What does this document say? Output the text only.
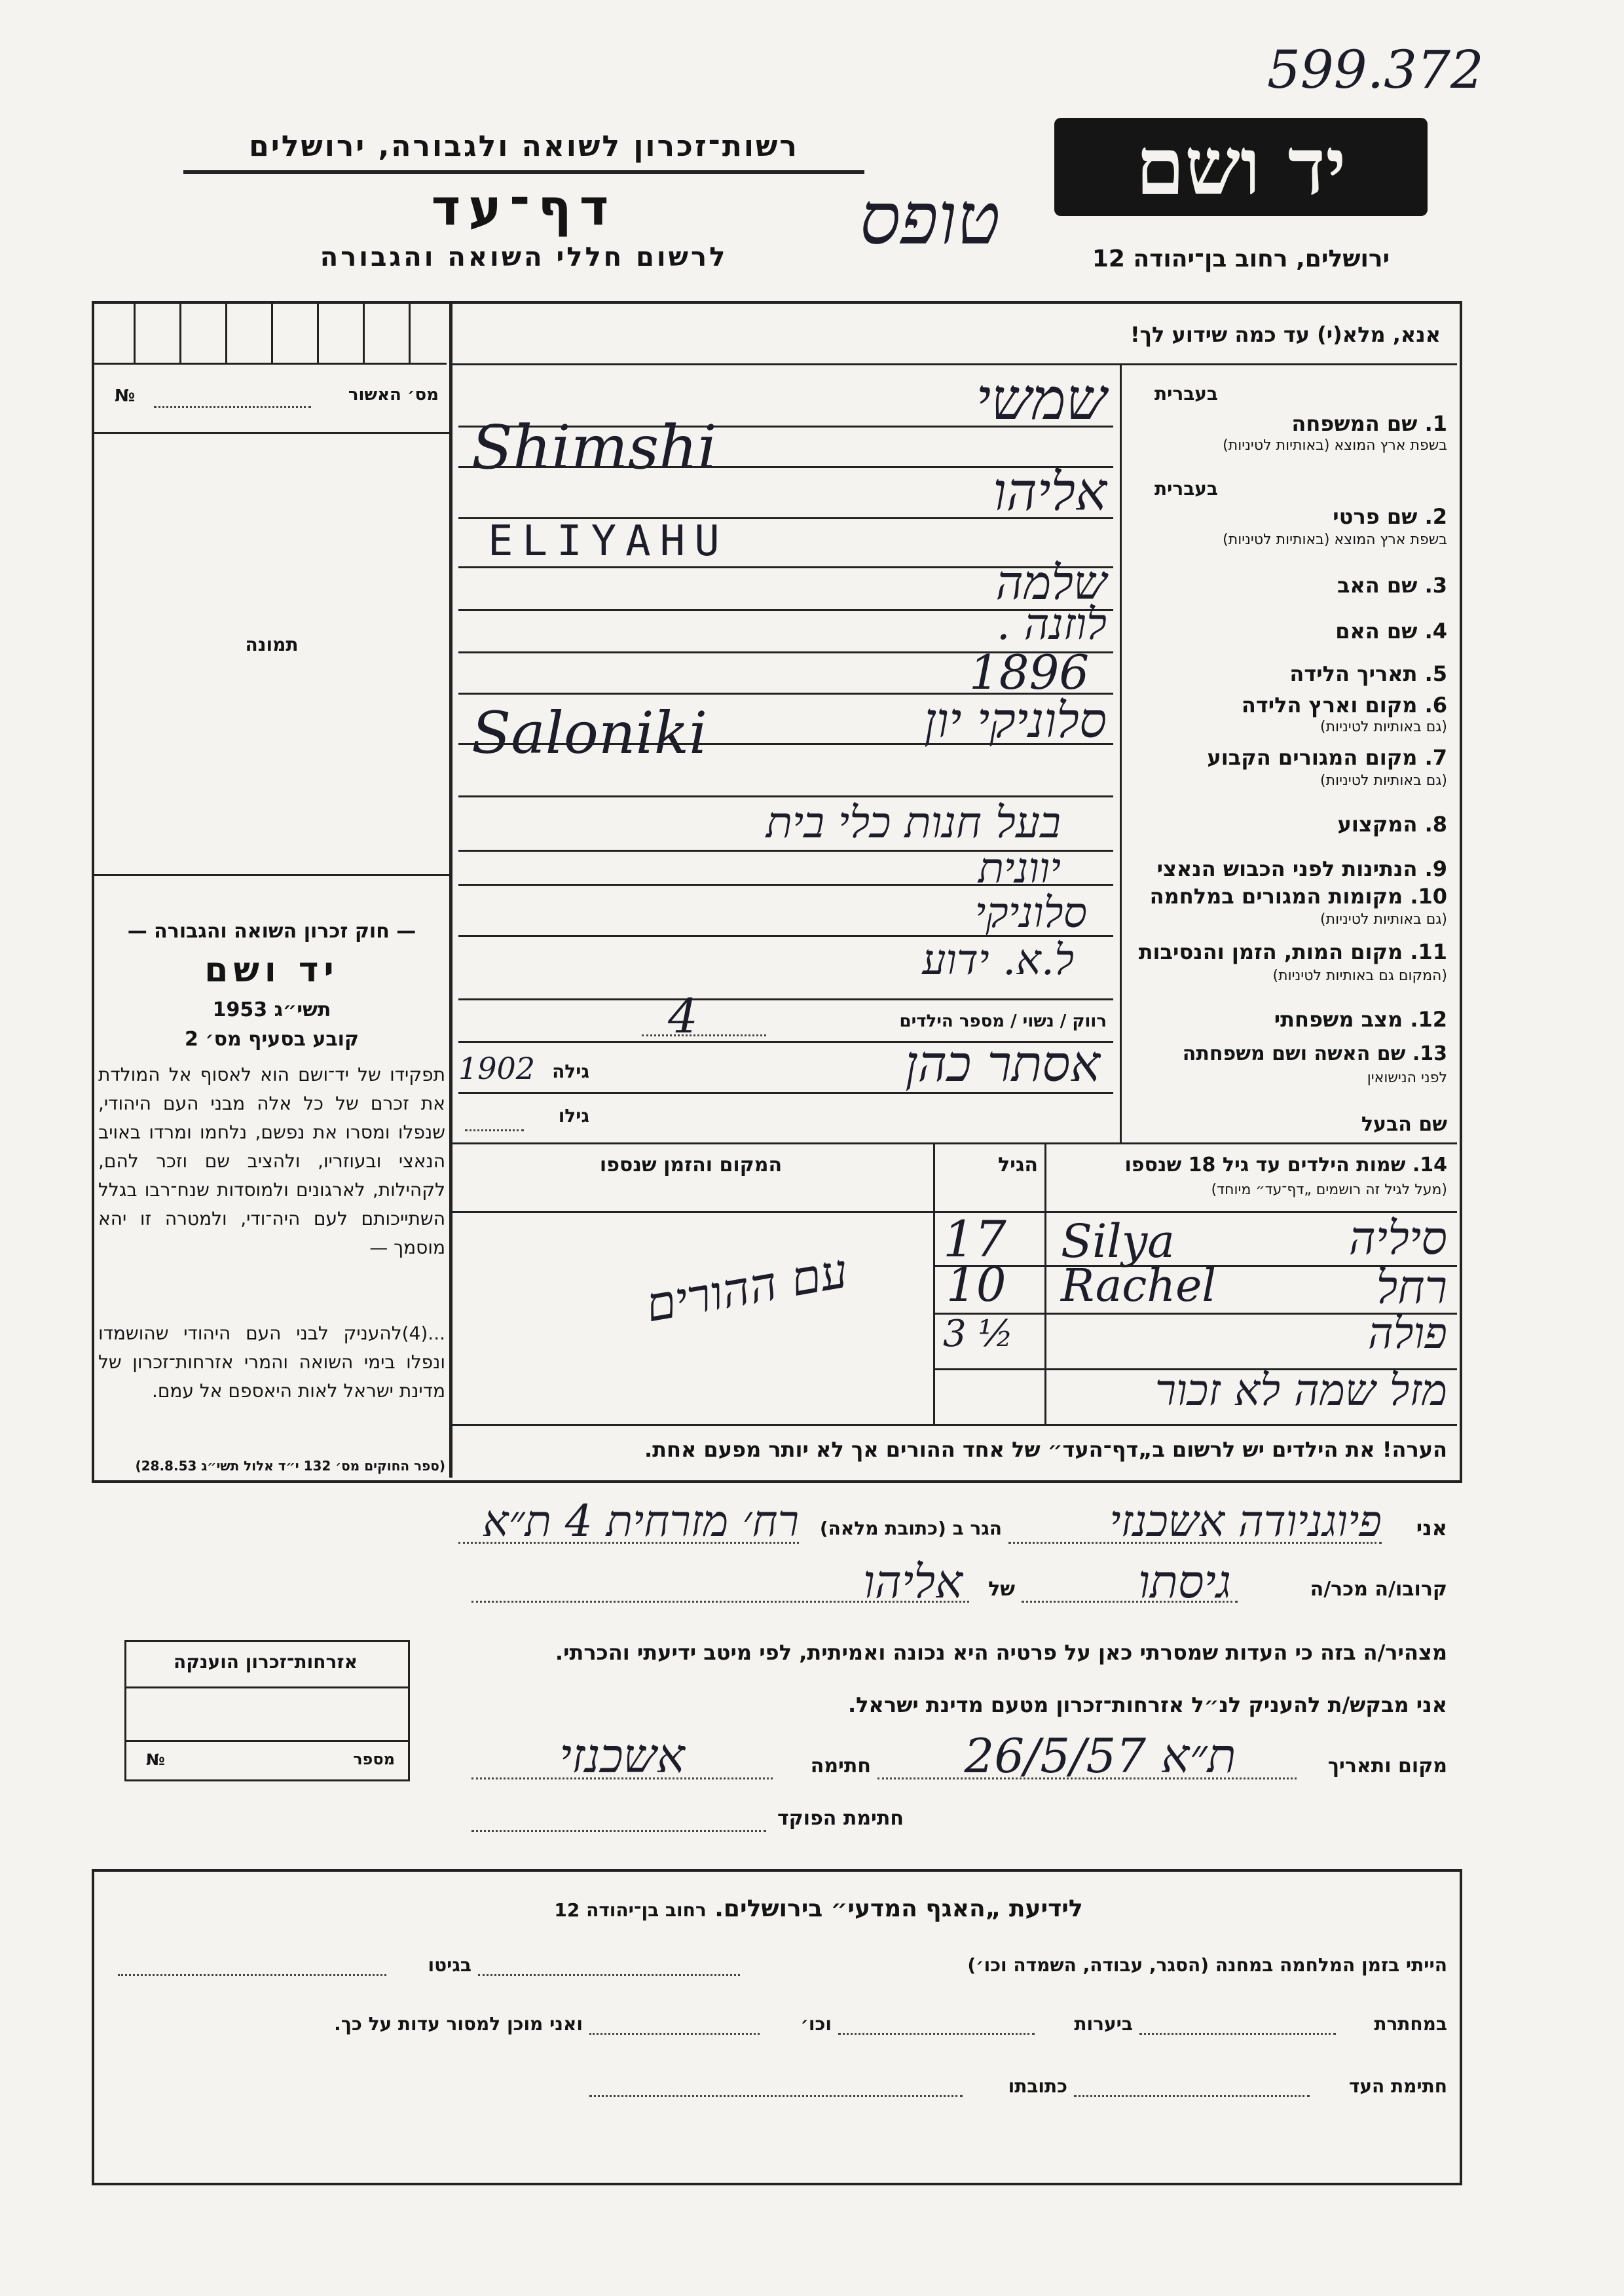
599.372
יד ושם
רשות־זכרון לשואה ולגבורה, ירושלים
דף־עד
לרשום חללי השואה והגבורה	ירושלים, רחוב בן־יהודה 12
טופס
אנא, מלא(י) עד כמה שידוע לך!
מס׳ האשור
№
תמונה
— חוק זכרון השואה והגבורה —
יד ושם
תשי״ג 1953
קובע בסעיף מס׳ 2
תפקידו של יד־ושם הוא לאסוף אל המולדת את זכרם של כל אלה מבני העם היהודי, שנפלו ומסרו את נפשם, נלחמו ומרדו באויב הנאצי ובעוזריו, ולהציב שם וזכר להם, לקהילות, לארגונים ולמוסדות שנח־רבו בגלל השתייכותם לעם היה־ודי, ולמטרה זו יהא מוסמך —
...(4)להעניק לבני העם היהודי שהושמדו ונפלו בימי השואה והמרי אזרחות־זכרון של מדינת ישראל לאות היאספם אל עמם.
(ספר החוקים מס׳ 132 י״ד אלול תשי״ג 28.8.53)
בעברית
1. שם המשפחה
בשפת ארץ המוצא (באותיות לטיניות)
שמשי
Shimshi
בעברית
2. שם פרטי
בשפת ארץ המוצא (באותיות לטיניות)
אליהו
ELIYAHU
3. שם האב
שלמה
4. שם האם
לוזנה .
5. תאריך הלידה
1896
6. מקום וארץ הלידה
(גם באותיות לטיניות)
סלוניקי יון
Saloniki	7. מקום המגורים הקבוע
(גם באותיות לטיניות)
8. המקצוע
בעל חנות כלי בית
9. הנתינות לפני הכבוש הנאצי
יוונית
10. מקומות המגורים במלחמה
(גם באותיות לטיניות)
סלוניקי
11. מקום המות, הזמן והנסיבות
(המקום גם באותיות לטיניות)
ל.א. ידוע
12. מצב משפחתי
רווק / נשוי / מספר הילדים
4
13. שם האשה ושם משפחתה
לפני הנישואין
אסתר כהן
גילה
1902
שם הבעל
גילו
14. שמות הילדים עד גיל 18 שנספו
(מעל לגיל זה רושמים „דף־עד״ מיוחד)
הגיל
המקום והזמן שנספו
סיליה
Silya
17
רחל
Rachel
10
פולה
3 ½
מזל שמה לא זכור
עם ההורים
הערה! את הילדים יש לרשום ב„דף־העד״ של אחד ההורים אך לא יותר מפעם אחת.
אני
פיוגניודה אשכנזי
הגר ב (כתובת מלאה)
רח׳ מזרחית 4 ת״א
קרובו/ה מכר/ה
גיסתו
של
אליהו
מצהיר/ה בזה כי העדות שמסרתי כאן על פרטיה היא נכונה ואמיתית, לפי מיטב ידיעתי והכרתי.
אני מבקש/ת להעניק לנ״ל אזרחות־זכרון מטעם מדינת ישראל.
מקום ותאריך
ת״א 26/5/57
חתימה
אשכנזי
חתימת הפוקד
אזרחות־זכרון הוענקה
מספר
№
לידיעת „האגף המדעי״ בירושלים. רחוב בן־יהודה 12
הייתי בזמן המלחמה במחנה (הסגר, עבודה, השמדה וכו׳)
בגיטו
במחתרת
ביערות
וכו׳
ואני מוכן למסור עדות על כך.
חתימת העד
כתובתו
